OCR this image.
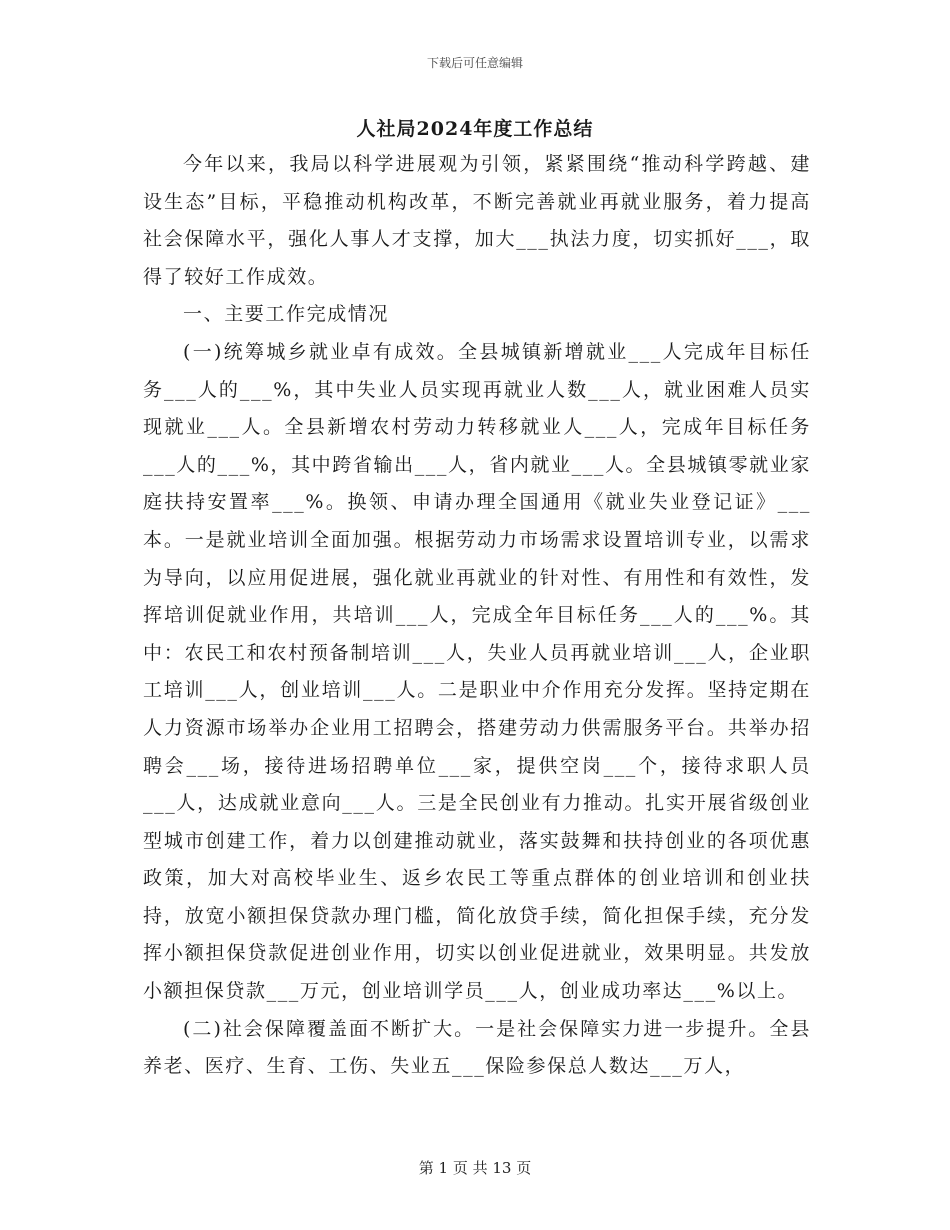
下载后可任意编辑
人社局2024年度工作总结

今年以来，我局以科学进展观为引领，紧紧围绕“推动科学跨越、建设生态”目标，平稳推动机构改革，不断完善就业再就业服务，着力提高社会保障水平，强化人事人才支撑，加大___执法力度，切实抓好___，取得了较好工作成效。

一、主要工作完成情况

(一)统筹城乡就业卓有成效。全县城镇新增就业___人完成年目标任务___人的___%，其中失业人员实现再就业人数___人，就业困难人员实现就业___人。全县新增农村劳动力转移就业人___人，完成年目标任务___人的___%，其中跨省输出___人，省内就业___人。全县城镇零就业家庭扶持安置率___%。换领、申请办理全国通用《就业失业登记证》___本。一是就业培训全面加强。根据劳动力市场需求设置培训专业，以需求为导向，以应用促进展，强化就业再就业的针对性、有用性和有效性，发挥培训促就业作用，共培训___人，完成全年目标任务___人的___%。其中：农民工和农村预备制培训___人，失业人员再就业培训___人，企业职工培训___人，创业培训___人。二是职业中介作用充分发挥。坚持定期在人力资源市场举办企业用工招聘会，搭建劳动力供需服务平台。共举办招聘会___场，接待进场招聘单位___家，提供空岗___个，接待求职人员___人，达成就业意向___人。三是全民创业有力推动。扎实开展省级创业型城市创建工作，着力以创建推动就业，落实鼓舞和扶持创业的各项优惠政策，加大对高校毕业生、返乡农民工等重点群体的创业培训和创业扶持，放宽小额担保贷款办理门槛，简化放贷手续，简化担保手续，充分发挥小额担保贷款促进创业作用，切实以创业促进就业，效果明显。共发放小额担保贷款___万元，创业培训学员___人，创业成功率达___%以上。

(二)社会保障覆盖面不断扩大。一是社会保障实力进一步提升。全县养老、医疗、生育、工伤、失业五___保险参保总人数达___万人，

第 1 页 共 13 页
